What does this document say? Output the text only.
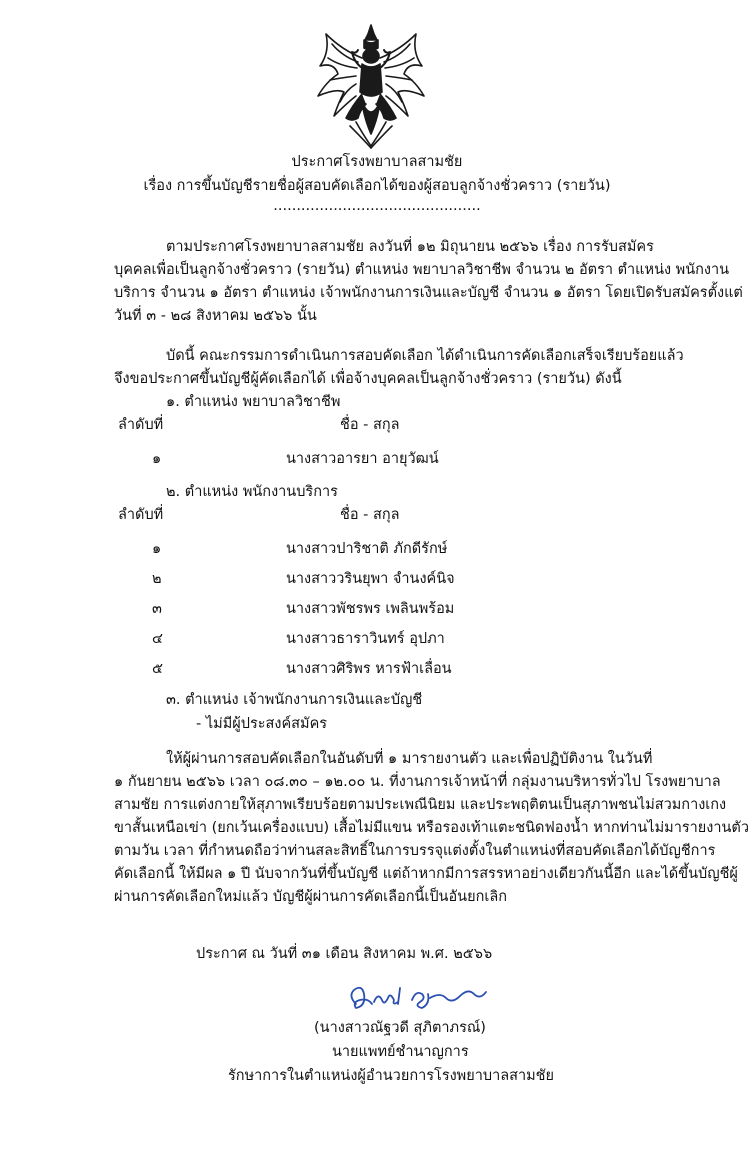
ประกาศโรงพยาบาลสามชัย
เรื่อง การขึ้นบัญชีรายชื่อผู้สอบคัดเลือกได้ของผู้สอบลูกจ้างชั่วคราว (รายวัน)
.............................................
ตามประกาศโรงพยาบาลสามชัย ลงวันที่ ๑๒ มิถุนายน ๒๕๖๖ เรื่อง การรับสมัคร
บุคคลเพื่อเป็นลูกจ้างชั่วคราว (รายวัน) ตำแหน่ง พยาบาลวิชาชีพ จำนวน ๒ อัตรา ตำแหน่ง พนักงาน
บริการ จำนวน ๑ อัตรา ตำแหน่ง เจ้าพนักงานการเงินและบัญชี จำนวน ๑ อัตรา โดยเปิดรับสมัครตั้งแต่
วันที่ ๓ - ๒๘ สิงหาคม ๒๕๖๖ นั้น
บัดนี้ คณะกรรมการดำเนินการสอบคัดเลือก ได้ดำเนินการคัดเลือกเสร็จเรียบร้อยแล้ว
จึงขอประกาศขึ้นบัญชีผู้คัดเลือกได้ เพื่อจ้างบุคคลเป็นลูกจ้างชั่วคราว (รายวัน) ดังนี้
๑. ตำแหน่ง พยาบาลวิชาชีพ
ลำดับที่	ชื่อ - สกุล
๑	นางสาวอารยา อายุวัฒน์
๒. ตำแหน่ง พนักงานบริการ
ลำดับที่	ชื่อ - สกุล
๑	นางสาวปาริชาติ ภักดีรักษ์
๒	นางสาววรินยุพา จำนงค์นิจ
๓	นางสาวพัชรพร เพลินพร้อม
๔	นางสาวธาราวินทร์ อุปภา
๕	นางสาวศิริพร หารฟ้าเลื่อน
๓. ตำแหน่ง เจ้าพนักงานการเงินและบัญชี
- ไม่มีผู้ประสงค์สมัคร
ให้ผู้ผ่านการสอบคัดเลือกในอันดับที่ ๑ มารายงานตัว และเพื่อปฏิบัติงาน ในวันที่
๑ กันยายน ๒๕๖๖ เวลา ๐๘.๓๐ – ๑๒.๐๐ น. ที่งานการเจ้าหน้าที่ กลุ่มงานบริหารทั่วไป โรงพยาบาล
สามชัย การแต่งกายให้สุภาพเรียบร้อยตามประเพณีนิยม และประพฤติตนเป็นสุภาพชนไม่สวมกางเกง
ขาสั้นเหนือเข่า (ยกเว้นเครื่องแบบ) เสื้อไม่มีแขน หรือรองเท้าแตะชนิดฟองน้ำ หากท่านไม่มารายงานตัว
ตามวัน เวลา ที่กำหนดถือว่าท่านสละสิทธิ์ในการบรรจุแต่งตั้งในตำแหน่งที่สอบคัดเลือกได้บัญชีการ
คัดเลือกนี้ ให้มีผล ๑ ปี นับจากวันที่ขึ้นบัญชี แต่ถ้าหากมีการสรรหาอย่างเดียวกันนี้อีก และได้ขึ้นบัญชีผู้
ผ่านการคัดเลือกใหม่แล้ว บัญชีผู้ผ่านการคัดเลือกนี้เป็นอันยกเลิก
ประกาศ ณ วันที่ ๓๑ เดือน สิงหาคม พ.ศ. ๒๕๖๖
(นางสาวณัฐวดี สุภิตาภรณ์)
นายแพทย์ชำนาญการ
รักษาการในตำแหน่งผู้อำนวยการโรงพยาบาลสามชัย
